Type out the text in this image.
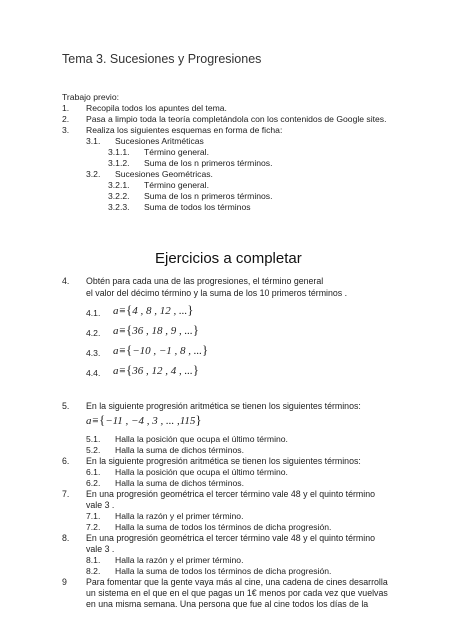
Tema 3. Sucesiones y Progresiones
Trabajo previo:
1. Recopila todos los apuntes del tema.
2. Pasa a limpio toda la teoría completándola con los contenidos de Google sites.
3. Realiza los siguientes esquemas en forma de ficha:
3.1. Sucesiones Aritméticas
3.1.1. Término general.
3.1.2. Suma de los n primeros términos.
3.2. Sucesiones Geométricas.
3.2.1. Término general.
3.2.2. Suma de los n primeros términos.
3.2.3. Suma de todos los términos
Ejercicios a completar
4. Obtén para cada una de las progresiones, el término general
el valor del décimo término y la suma de los 10 primeros términos .
4.1. a≡{4 , 8 , 12 , ...}
4.2. a≡{36 , 18 , 9 , ...}
4.3. a≡{−10 , −1 , 8 , ...}
4.4. a≡{36 , 12 , 4 , ...}
5. En la siguiente progresión aritmética se tienen los siguientes términos:
a≡{−11 , −4 , 3 , ... ,115}
5.1. Halla la posición que ocupa el último término.
5.2. Halla la suma de dichos términos.
6. En la siguiente progresión aritmética se tienen los siguientes términos:
6.1. Halla la posición que ocupa el último término.
6.2. Halla la suma de dichos términos.
7. En una progresión geométrica el tercer término vale 48 y el quinto término
vale 3 .
7.1. Halla la razón y el primer término.
7.2. Halla la suma de todos los términos de dicha progresión.
8. En una progresión geométrica el tercer término vale 48 y el quinto término
vale 3 .
8.1. Halla la razón y el primer término.
8.2. Halla la suma de todos los términos de dicha progresión.
9 Para fomentar que la gente vaya más al cine, una cadena de cines desarrolla
un sistema en el que en el que pagas un 1€ menos por cada vez que vuelvas
en una misma semana. Una persona que fue al cine todos los días de la
